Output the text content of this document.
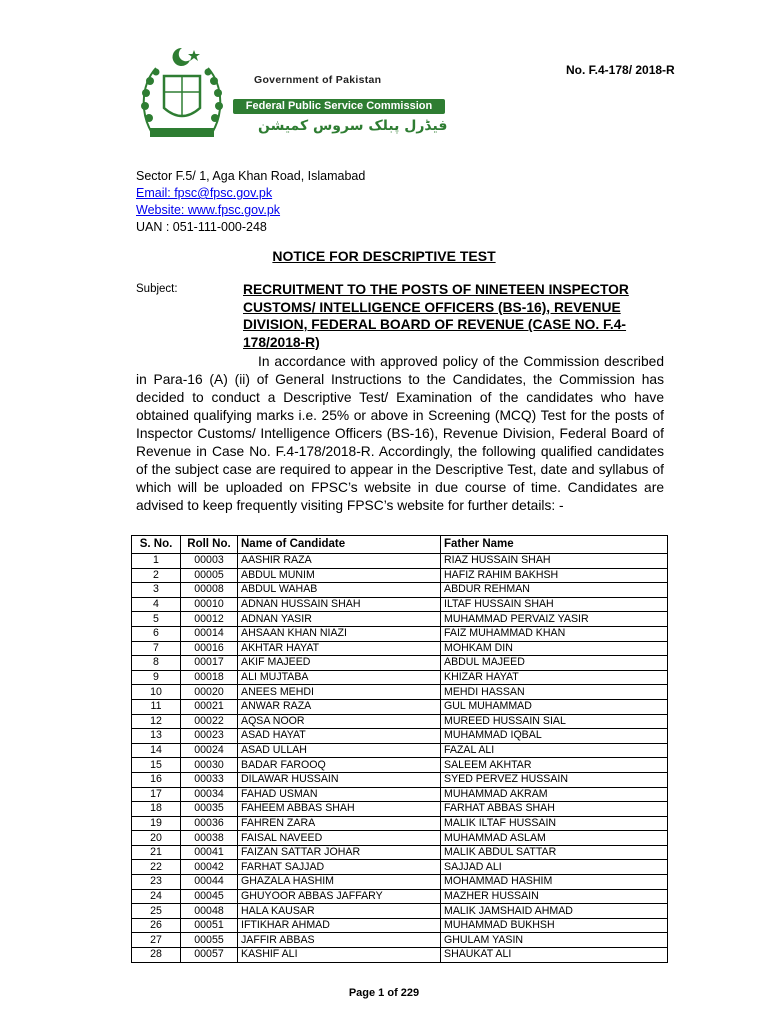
Government of Pakistan
Federal Public Service Commission
فیڈرل پبلک سروس کمیشن
No. F.4-178/ 2018-R
Sector F.5/ 1, Aga Khan Road, Islamabad
Email: fpsc@fpsc.gov.pk
Website: www.fpsc.gov.pk
UAN : 051-111-000-248
NOTICE FOR DESCRIPTIVE TEST
Subject:	RECRUITMENT TO THE POSTS OF NINETEEN INSPECTOR CUSTOMS/ INTELLIGENCE OFFICERS (BS-16), REVENUE DIVISION, FEDERAL BOARD OF REVENUE (CASE NO. F.4-178/2018-R)
In accordance with approved policy of the Commission described in Para-16 (A) (ii) of General Instructions to the Candidates, the Commission has decided to conduct a Descriptive Test/ Examination of the candidates who have obtained qualifying marks i.e. 25% or above in Screening (MCQ) Test for the posts of Inspector Customs/ Intelligence Officers (BS-16), Revenue Division, Federal Board of Revenue in Case No. F.4-178/2018-R. Accordingly, the following qualified candidates of the subject case are required to appear in the Descriptive Test, date and syllabus of which will be uploaded on FPSC’s website in due course of time. Candidates are advised to keep frequently visiting FPSC’s website for further details: -
S. No.	Roll No.	Name of Candidate	Father Name
1	00003	AASHIR RAZA	RIAZ HUSSAIN SHAH
2	00005	ABDUL MUNIM	HAFIZ RAHIM BAKHSH
3	00008	ABDUL WAHAB	ABDUR REHMAN
4	00010	ADNAN HUSSAIN SHAH	ILTAF HUSSAIN SHAH
5	00012	ADNAN YASIR	MUHAMMAD PERVAIZ YASIR
6	00014	AHSAAN KHAN NIAZI	FAIZ MUHAMMAD KHAN
7	00016	AKHTAR HAYAT	MOHKAM DIN
8	00017	AKIF MAJEED	ABDUL MAJEED
9	00018	ALI MUJTABA	KHIZAR HAYAT
10	00020	ANEES MEHDI	MEHDI HASSAN
11	00021	ANWAR RAZA	GUL MUHAMMAD
12	00022	AQSA NOOR	MUREED HUSSAIN SIAL
13	00023	ASAD HAYAT	MUHAMMAD IQBAL
14	00024	ASAD ULLAH	FAZAL ALI
15	00030	BADAR FAROOQ	SALEEM AKHTAR
16	00033	DILAWAR HUSSAIN	SYED PERVEZ HUSSAIN
17	00034	FAHAD USMAN	MUHAMMAD AKRAM
18	00035	FAHEEM ABBAS SHAH	FARHAT ABBAS SHAH
19	00036	FAHREN ZARA	MALIK ILTAF HUSSAIN
20	00038	FAISAL NAVEED	MUHAMMAD ASLAM
21	00041	FAIZAN SATTAR JOHAR	MALIK ABDUL SATTAR
22	00042	FARHAT SAJJAD	SAJJAD ALI
23	00044	GHAZALA HASHIM	MOHAMMAD HASHIM
24	00045	GHUYOOR ABBAS JAFFARY	MAZHER HUSSAIN
25	00048	HALA KAUSAR	MALIK JAMSHAID AHMAD
26	00051	IFTIKHAR AHMAD	MUHAMMAD BUKHSH
27	00055	JAFFIR ABBAS	GHULAM YASIN
28	00057	KASHIF ALI	SHAUKAT ALI
Page 1 of 229
